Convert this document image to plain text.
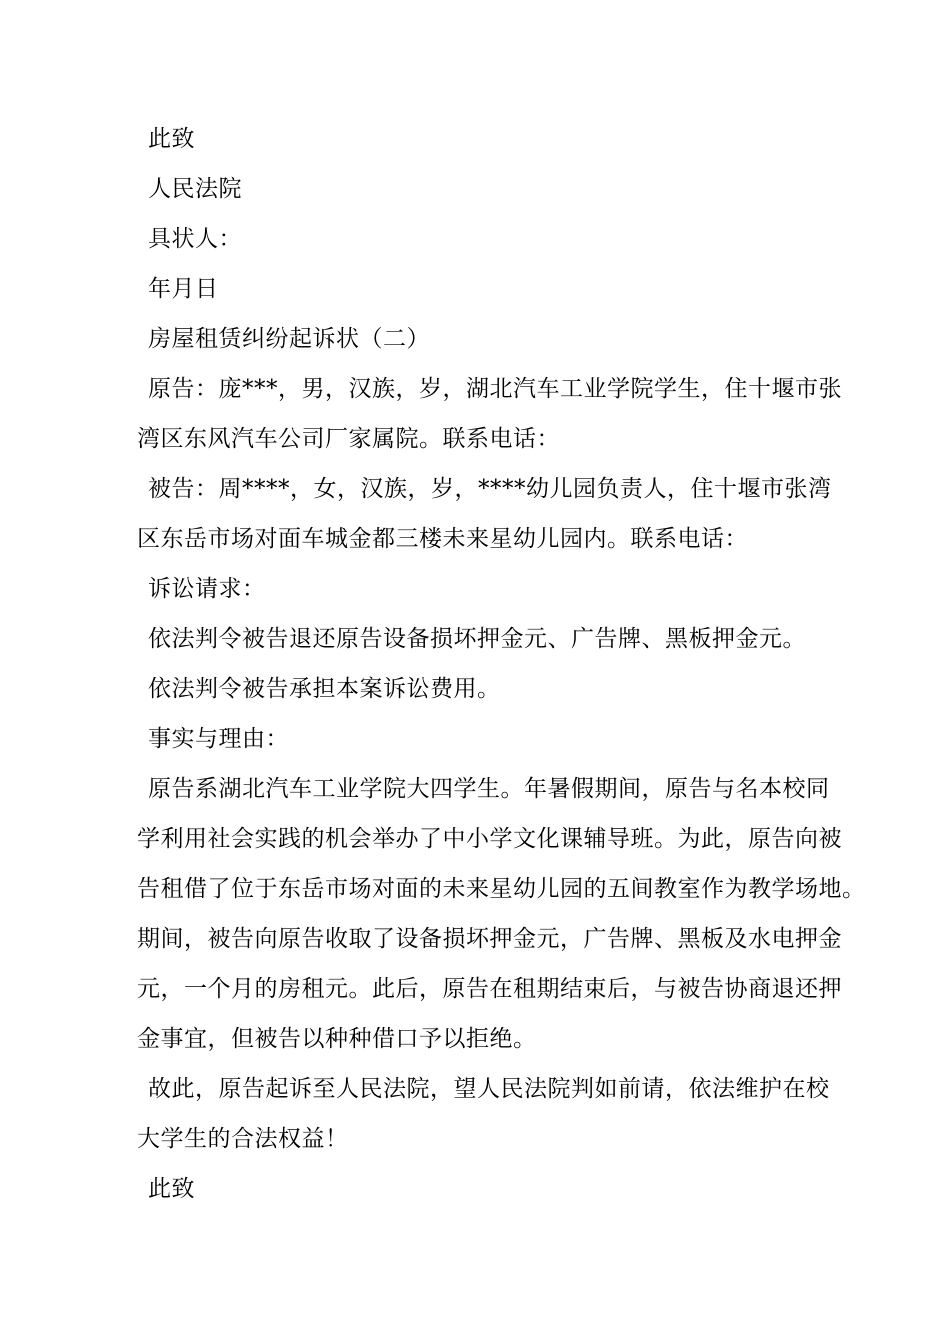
此致
人民法院
具状人：
年月日
房屋租赁纠纷起诉状（二）
原告：庞***，男，汉族，岁，湖北汽车工业学院学生，住十堰市张
湾区东风汽车公司厂家属院。联系电话：
被告：周****，女，汉族，岁，****幼儿园负责人，住十堰市张湾
区东岳市场对面车城金都三楼未来星幼儿园内。联系电话：
诉讼请求：
依法判令被告退还原告设备损坏押金元、广告牌、黑板押金元。
依法判令被告承担本案诉讼费用。
事实与理由：
原告系湖北汽车工业学院大四学生。年暑假期间，原告与名本校同
学利用社会实践的机会举办了中小学文化课辅导班。为此，原告向被
告租借了位于东岳市场对面的未来星幼儿园的五间教室作为教学场地。
期间，被告向原告收取了设备损坏押金元，广告牌、黑板及水电押金
元，一个月的房租元。此后，原告在租期结束后，与被告协商退还押
金事宜，但被告以种种借口予以拒绝。
故此，原告起诉至人民法院，望人民法院判如前请，依法维护在校
大学生的合法权益！
此致
